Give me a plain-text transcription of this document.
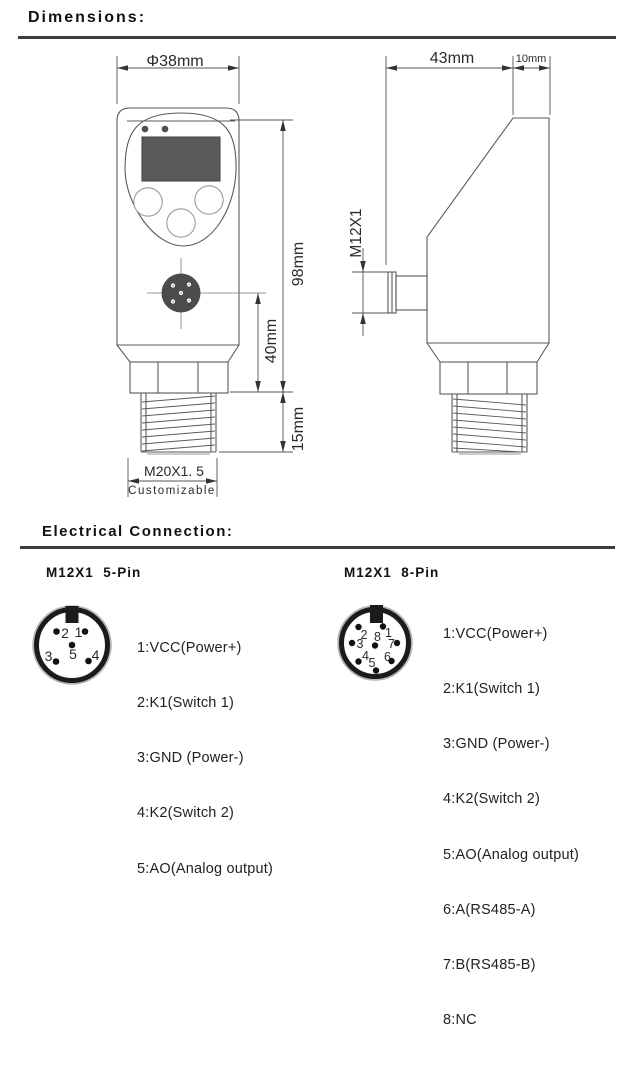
Dimensions:
Electrical Connection:
M12X1  5-Pin	M12X1  8-Pin

1:VCC(Power+)

2:K1(Switch 1)

3:GND (Power-)

4:K2(Switch 2)

5:AO(Analog output)

1:VCC(Power+)

2:K1(Switch 1)

3:GND (Power-)

4:K2(Switch 2)

5:AO(Analog output)

6:A(RS485-A)

7:B(RS485-B)

8:NC

Φ38mm
98mm
40mm
15mm
M20X1. 5
Customizable
43mm	10mm
M12X1
2 1
3 5 4
2 1
3 7
8
4 5 6
